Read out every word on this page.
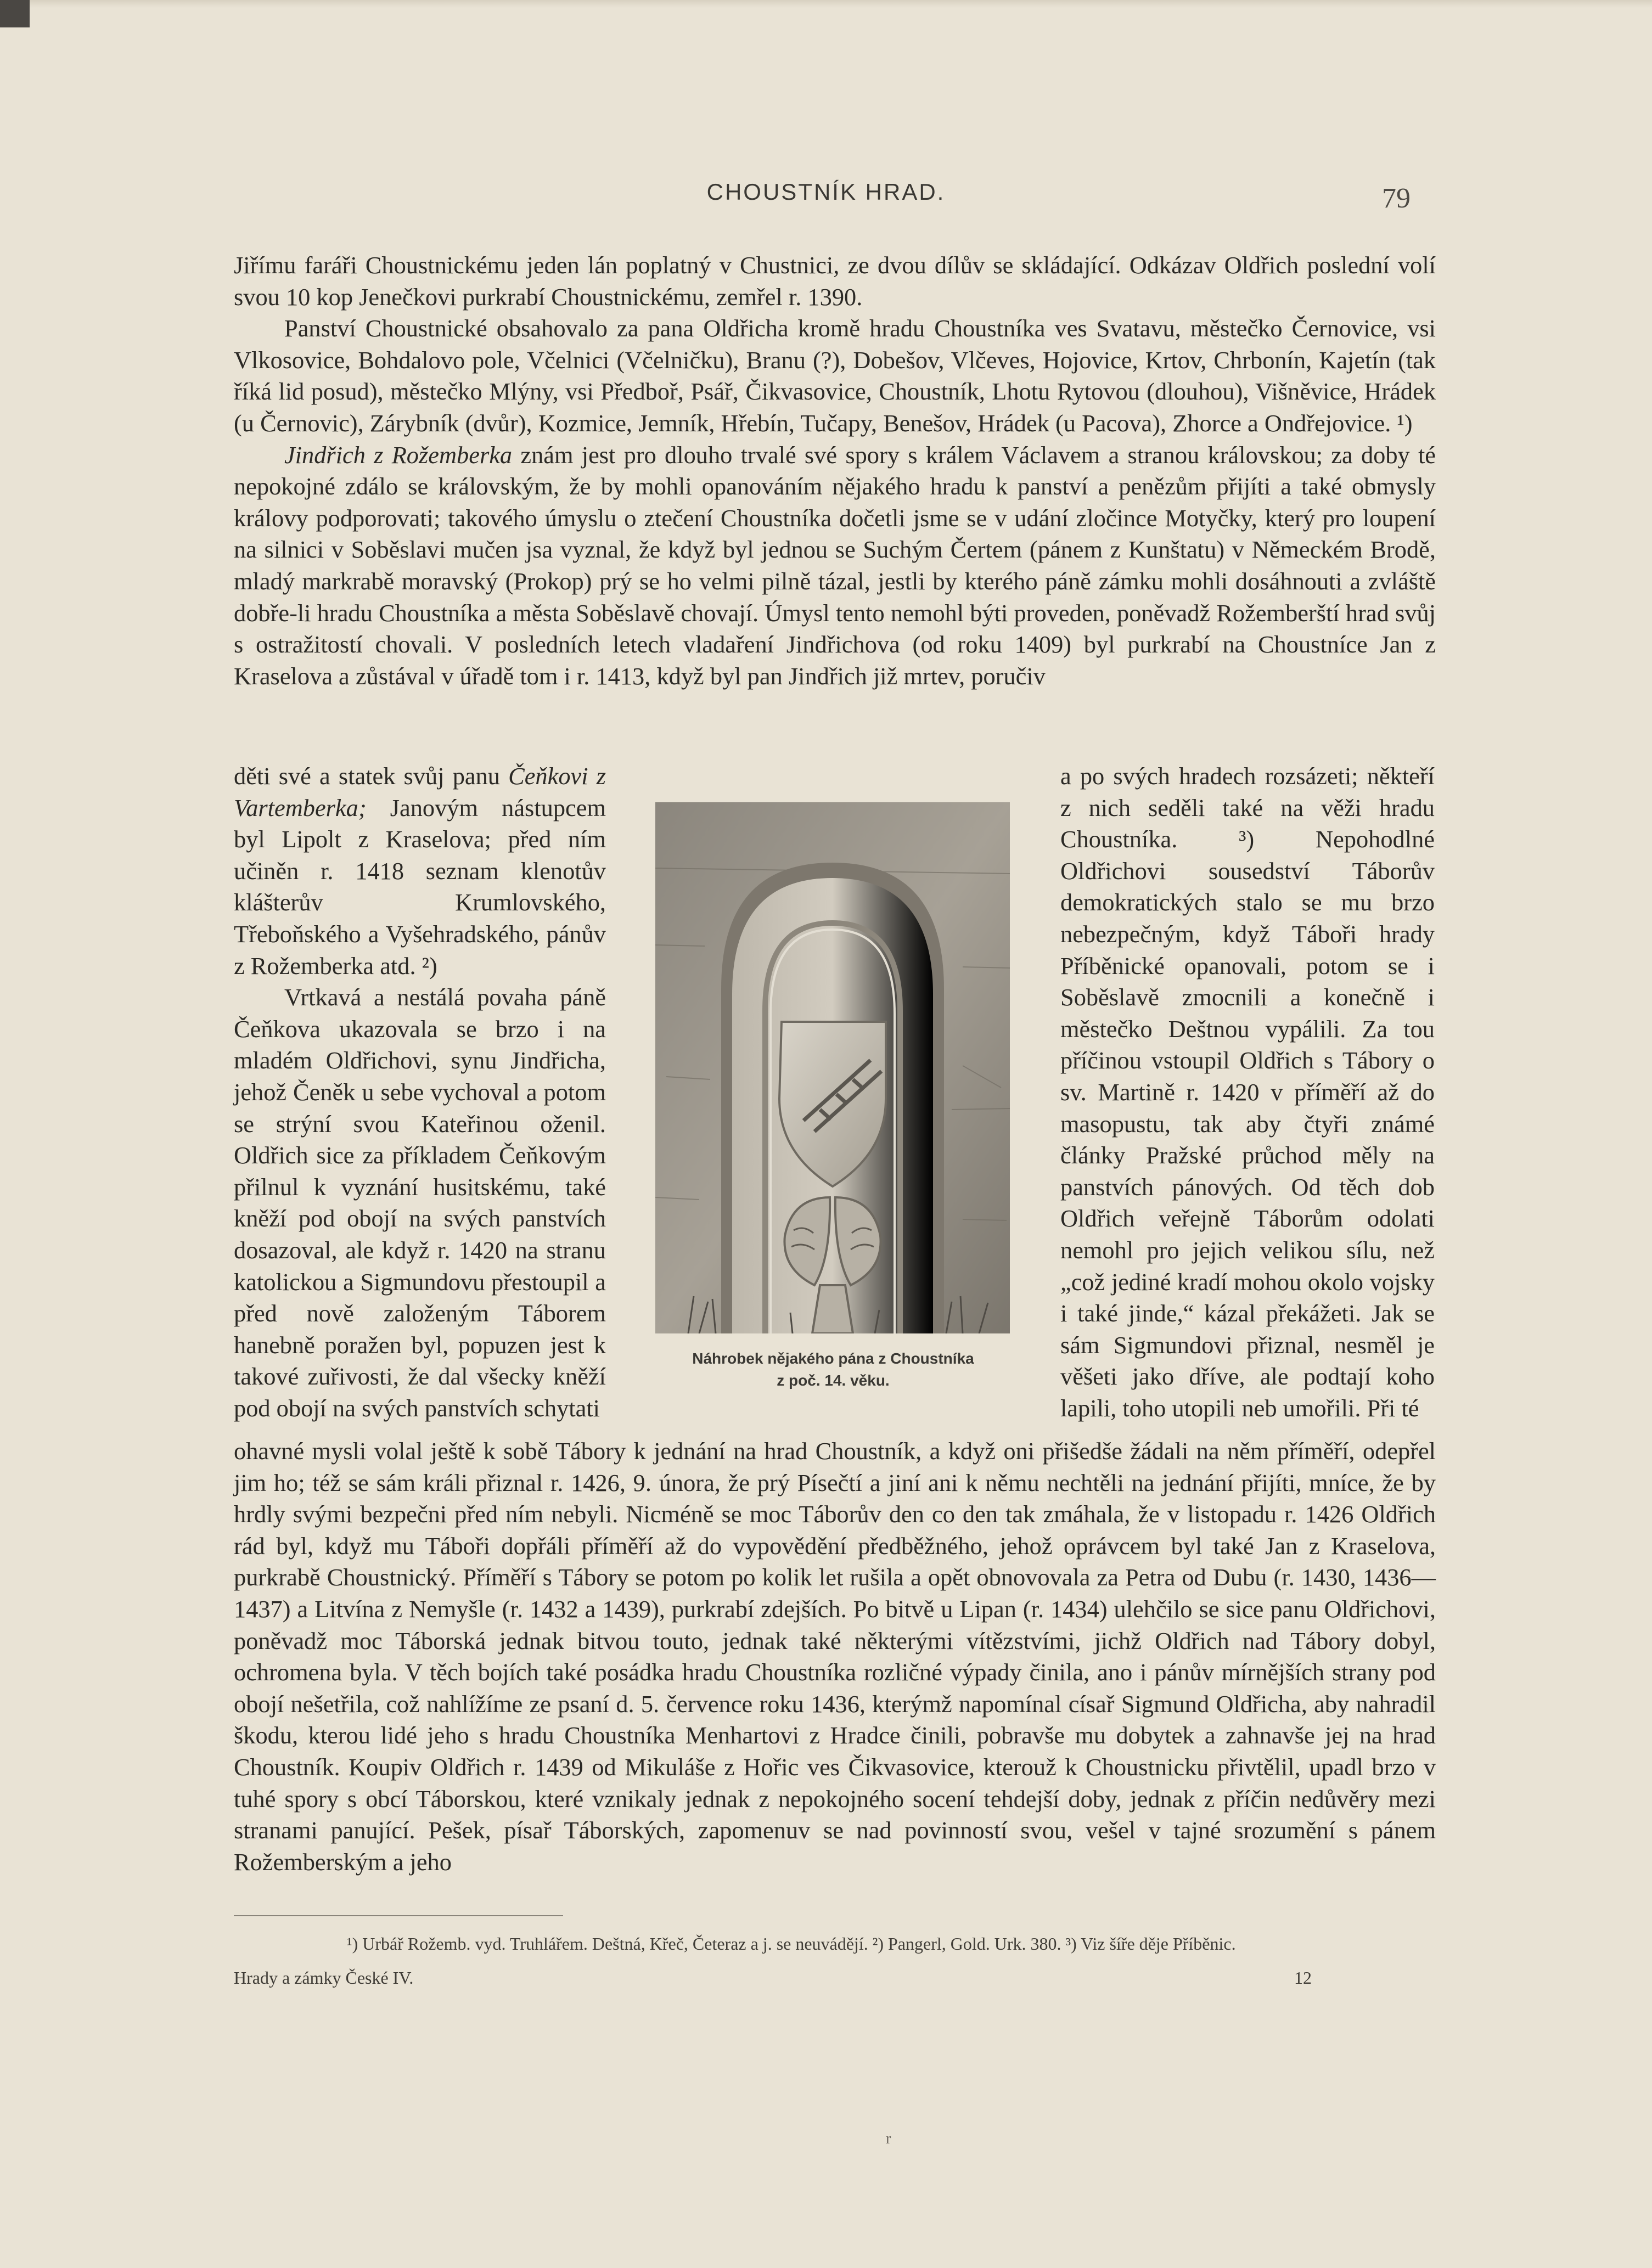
CHOUSTNÍK HRAD.	79

Jiřímu faráři Choustnickému jeden lán poplatný v Chustnici, ze dvou dílův se skládající. Odkázav Oldřich poslední volí svou 10 kop Jenečkovi purkrabí Choustnickému, zemřel r. 1390.

Panství Choustnické obsahovalo za pana Oldřicha kromě hradu Choustníka ves Svatavu, městečko Černovice, vsi Vlkosovice, Bohdalovo pole, Včelnici (Včelničku), Branu (?), Dobešov, Vlčeves, Hojovice, Krtov, Chrbonín, Kajetín (tak říká lid posud), městečko Mlýny, vsi Předboř, Psář, Čikvasovice, Choustník, Lhotu Rytovou (dlouhou), Višněvice, Hrádek (u Černovic), Zárybník (dvůr), Kozmice, Jemník, Hřebín, Tučapy, Benešov, Hrádek (u Pacova), Zhorce a Ondřejovice. ¹)

Jindřich z Rožemberka znám jest pro dlouho trvalé své spory s králem Václavem a stranou královskou; za doby té nepokojné zdálo se královským, že by mohli opanováním nějakého hradu k panství a penězům přijíti a také obmysly královy podporovati; takového úmyslu o ztečení Choustníka dočetli jsme se v udání zločince Motyčky, který pro loupení na silnici v Soběslavi mučen jsa vyznal, že když byl jednou se Suchým Čertem (pánem z Kunštatu) v Německém Brodě, mladý markrabě moravský (Prokop) prý se ho velmi pilně tázal, jestli by kterého páně zámku mohli dosáhnouti a zvláště dobře-li hradu Choustníka a města Soběslavě chovají. Úmysl tento nemohl býti proveden, poněvadž Rožemberští hrad svůj s ostražitostí chovali. V posledních letech vladaření Jindřichova (od roku 1409) byl purkrabí na Choustníce Jan z Kraselova a zůstával v úřadě tom i r. 1413, když byl pan Jindřich již mrtev, poručiv

děti své a statek svůj panu Čeňkovi z Vartemberka; Janovým nástupcem byl Lipolt z Kraselova; před ním učiněn r. 1418 seznam klenotův klášterův Krumlovského, Třeboňského a Vyšehradského, pánův z Rožemberka atd. ²)

Vrtkavá a nestálá povaha páně Čeňkova ukazovala se brzo i na mladém Oldřichovi, synu Jindřicha, jehož Čeněk u sebe vychoval a potom se strýní svou Kateřinou oženil. Oldřich sice za příkladem Čeňkovým přilnul k vyznání husitskému, také kněží pod obojí na svých panstvích dosazoval, ale když r. 1420 na stranu katolickou a Sigmundovu přestoupil a před nově založeným Táborem hanebně poražen byl, popuzen jest k takové zuřivosti, že dal všecky kněží pod obojí na svých panstvích schytati

Náhrobek nějakého pána z Choustníka
z poč. 14. věku.

a po svých hradech rozsázeti; někteří z nich seděli také na věži hradu Choustníka. ³) Nepohodlné Oldřichovi sousedství Táborův demokratických stalo se mu brzo nebezpečným, když Táboři hrady Příběnické opanovali, potom se i Soběslavě zmocnili a konečně i městečko Deštnou vypálili. Za tou příčinou vstoupil Oldřich s Tábory o sv. Martině r. 1420 v příměří až do masopustu, tak aby čtyři známé články Pražské průchod měly na panstvích pánových. Od těch dob Oldřich veřejně Táborům odolati nemohl pro jejich velikou sílu, než „což jediné kradí mohou okolo vojsky i také jinde,“ kázal překážeti. Jak se sám Sigmundovi přiznal, nesměl je věšeti jako dříve, ale podtají koho lapili, toho utopili neb umořili. Při té

ohavné mysli volal ještě k sobě Tábory k jednání na hrad Choustník, a když oni přišedše žádali na něm příměří, odepřel jim ho; též se sám králi přiznal r. 1426, 9. února, že prý Písečtí a jiní ani k němu nechtěli na jednání přijíti, mníce, že by hrdly svými bezpečni před ním nebyli. Nicméně se moc Táborův den co den tak zmáhala, že v listopadu r. 1426 Oldřich rád byl, když mu Táboři dopřáli příměří až do vypovědění předběžného, jehož oprávcem byl také Jan z Kraselova, purkrabě Choustnický. Příměří s Tábory se potom po kolik let rušila a opět obnovovala za Petra od Dubu (r. 1430, 1436—1437) a Litvína z Nemyšle (r. 1432 a 1439), purkrabí zdejších. Po bitvě u Lipan (r. 1434) ulehčilo se sice panu Oldřichovi, poněvadž moc Táborská jednak bitvou touto, jednak také některými vítězstvími, jichž Oldřich nad Tábory dobyl, ochromena byla. V těch bojích také posádka hradu Choustníka rozličné výpady činila, ano i pánův mírnějších strany pod obojí nešetřila, což nahlížíme ze psaní d. 5. července roku 1436, kterýmž napomínal císař Sigmund Oldřicha, aby nahradil škodu, kterou lidé jeho s hradu Choustníka Menhartovi z Hradce činili, pobravše mu dobytek a zahnavše jej na hrad Choustník. Koupiv Oldřich r. 1439 od Mikuláše z Hořic ves Čikvasovice, kterouž k Choustnicku přivtělil, upadl brzo v tuhé spory s obcí Táborskou, které vznikaly jednak z nepokojného socení tehdejší doby, jednak z příčin nedůvěry mezi stranami panující. Pešek, písař Táborských, zapomenuv se nad povinností svou, vešel v tajné srozumění s pánem Rožemberským a jeho

¹) Urbář Rožemb. vyd. Truhlářem. Deštná, Křeč, Četeraz a j. se neuvádějí. ²) Pangerl, Gold. Urk. 380. ³) Viz šíře děje Příběnic.
Hrady a zámky České IV.	12
r
